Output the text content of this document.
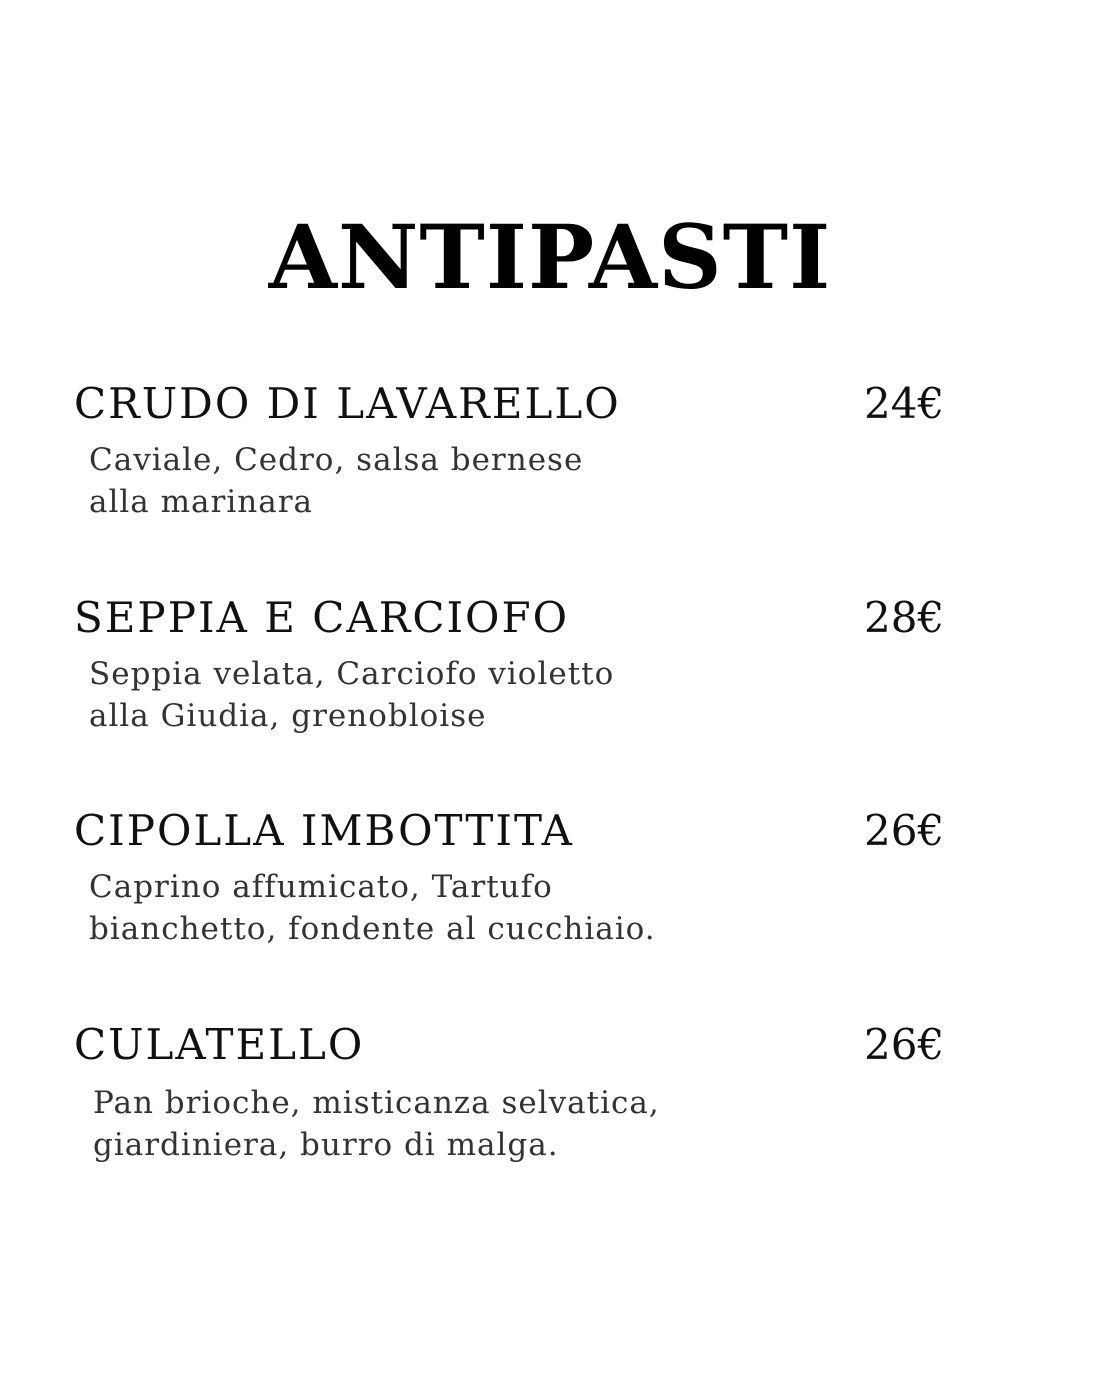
ANTIPASTI
CRUDO DI LAVARELLO	24€
Caviale, Cedro, salsa bernese
alla marinara
SEPPIA E CARCIOFO	28€
Seppia velata, Carciofo violetto
alla Giudia, grenobloise
CIPOLLA IMBOTTITA	26€
Caprino affumicato, Tartufo
bianchetto, fondente al cucchiaio.
CULATELLO	26€
Pan brioche, misticanza selvatica,
giardiniera, burro di malga.
